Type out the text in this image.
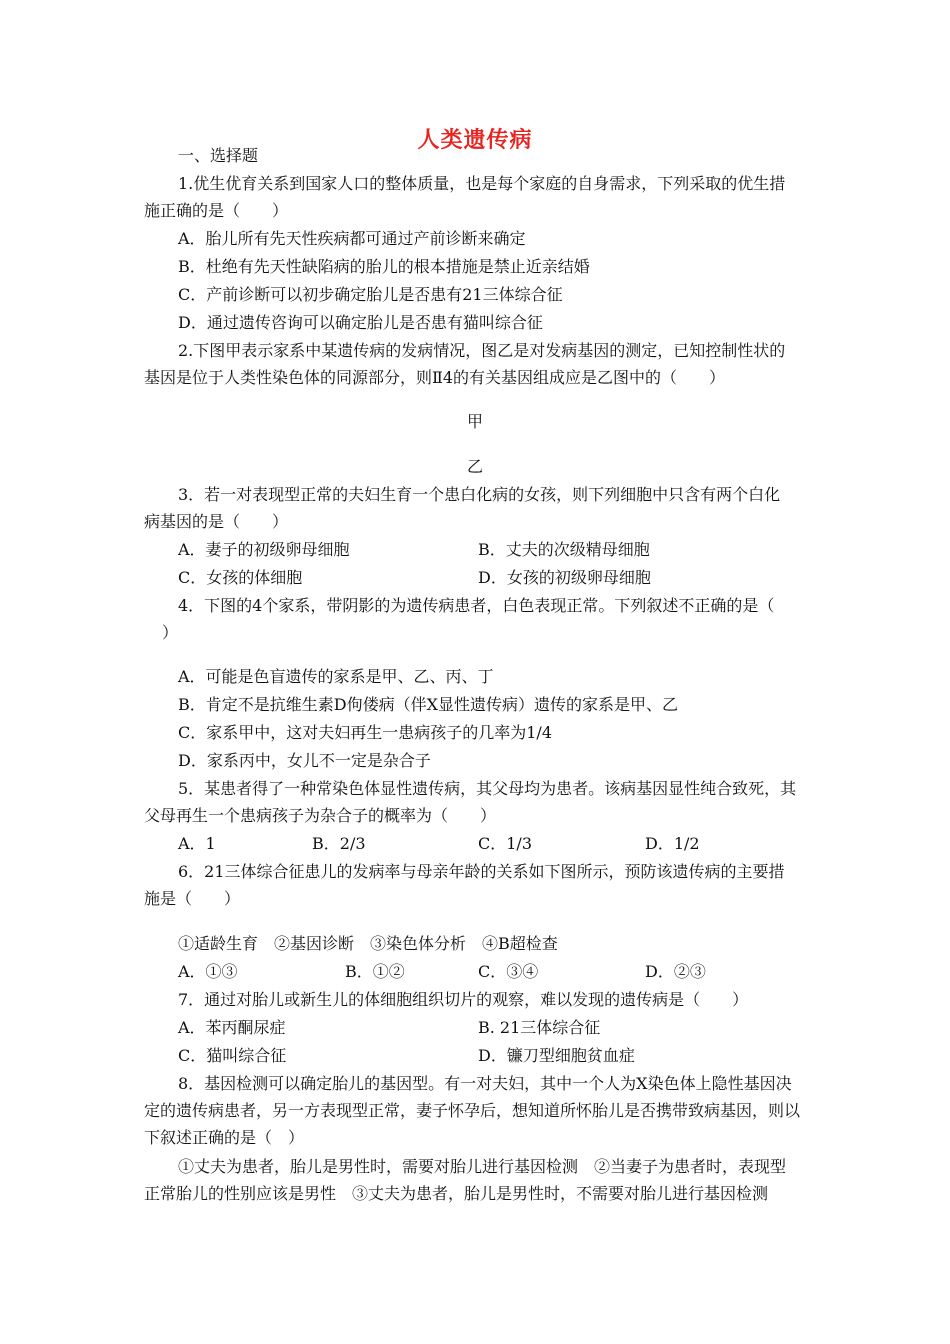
人类遗传病
一、选择题
1.优生优育关系到国家人口的整体质量，也是每个家庭的自身需求，下列采取的优生措
施正确的是（　　）
A．胎儿所有先天性疾病都可通过产前诊断来确定
B．杜绝有先天性缺陷病的胎儿的根本措施是禁止近亲结婚
C．产前诊断可以初步确定胎儿是否患有21三体综合征
D．通过遗传咨询可以确定胎儿是否患有猫叫综合征
2.下图甲表示家系中某遗传病的发病情况，图乙是对发病基因的测定，已知控制性状的
基因是位于人类性染色体的同源部分，则Ⅱ4的有关基因组成应是乙图中的（　　）
甲
乙
3．若一对表现型正常的夫妇生育一个患白化病的女孩，则下列细胞中只含有两个白化
病基因的是（　　）
A．妻子的初级卵母细胞	B．丈夫的次级精母细胞
C．女孩的体细胞	D．女孩的初级卵母细胞
4．下图的4个家系，带阴影的为遗传病患者，白色表现正常。下列叙述不正确的是（
）
A．可能是色盲遗传的家系是甲、乙、丙、丁
B．肯定不是抗维生素D佝偻病（伴X显性遗传病）遗传的家系是甲、乙
C．家系甲中，这对夫妇再生一患病孩子的几率为1/4
D．家系丙中，女儿不一定是杂合子
5．某患者得了一种常染色体显性遗传病，其父母均为患者。该病基因显性纯合致死，其
父母再生一个患病孩子为杂合子的概率为（　　）
A．1	B．2/3	C．1/3	D．1/2
6．21三体综合征患儿的发病率与母亲年龄的关系如下图所示，预防该遗传病的主要措
施是（　　）
①适龄生育　②基因诊断　③染色体分析　④B超检查
A．①③	B．①②	C．③④	D．②③
7．通过对胎儿或新生儿的体细胞组织切片的观察，难以发现的遗传病是（　　）
A．苯丙酮尿症	B. 21三体综合征
C．猫叫综合征	D．镰刀型细胞贫血症
8．基因检测可以确定胎儿的基因型。有一对夫妇，其中一个人为X染色体上隐性基因决
定的遗传病患者，另一方表现型正常，妻子怀孕后，想知道所怀胎儿是否携带致病基因，则以
下叙述正确的是（　）
①丈夫为患者，胎儿是男性时，需要对胎儿进行基因检测　②当妻子为患者时，表现型
正常胎儿的性别应该是男性　③丈夫为患者，胎儿是男性时，不需要对胎儿进行基因检测
